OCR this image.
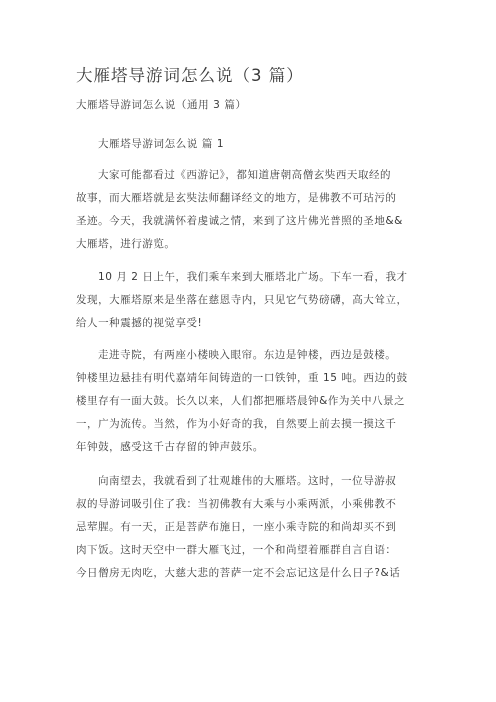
大雁塔导游词怎么说（3 篇）
大雁塔导游词怎么说（通用 3 篇）
大雁塔导游词怎么说 篇 1
大家可能都看过《西游记》，都知道唐朝高僧玄奘西天取经的
故事，而大雁塔就是玄奘法师翻译经文的地方，是佛教不可玷污的
圣迹。今天，我就满怀着虔诚之情，来到了这片佛光普照的圣地&&
大雁塔，进行游览。
10 月 2 日上午，我们乘车来到大雁塔北广场。下车一看，我才
发现，大雁塔原来是坐落在慈恩寺内，只见它气势磅礴，高大耸立，
给人一种震撼的视觉享受!
走进寺院，有两座小楼映入眼帘。东边是钟楼，西边是鼓楼。
钟楼里边悬挂有明代嘉靖年间铸造的一口铁钟，重 15 吨。西边的鼓
楼里存有一面大鼓。长久以来，人们都把雁塔晨钟&作为关中八景之
一，广为流传。当然，作为小好奇的我，自然要上前去摸一摸这千
年钟鼓，感受这千古存留的钟声鼓乐。
向南望去，我就看到了壮观雄伟的大雁塔。这时，一位导游叔
叔的导游词吸引住了我：当初佛教有大乘与小乘两派，小乘佛教不
忌荤腥。有一天，正是菩萨布施日，一座小乘寺院的和尚却买不到
肉下饭。这时天空中一群大雁飞过，一个和尚望着雁群自言自语：
今日僧房无肉吃，大慈大悲的菩萨一定不会忘记这是什么日子?&话
